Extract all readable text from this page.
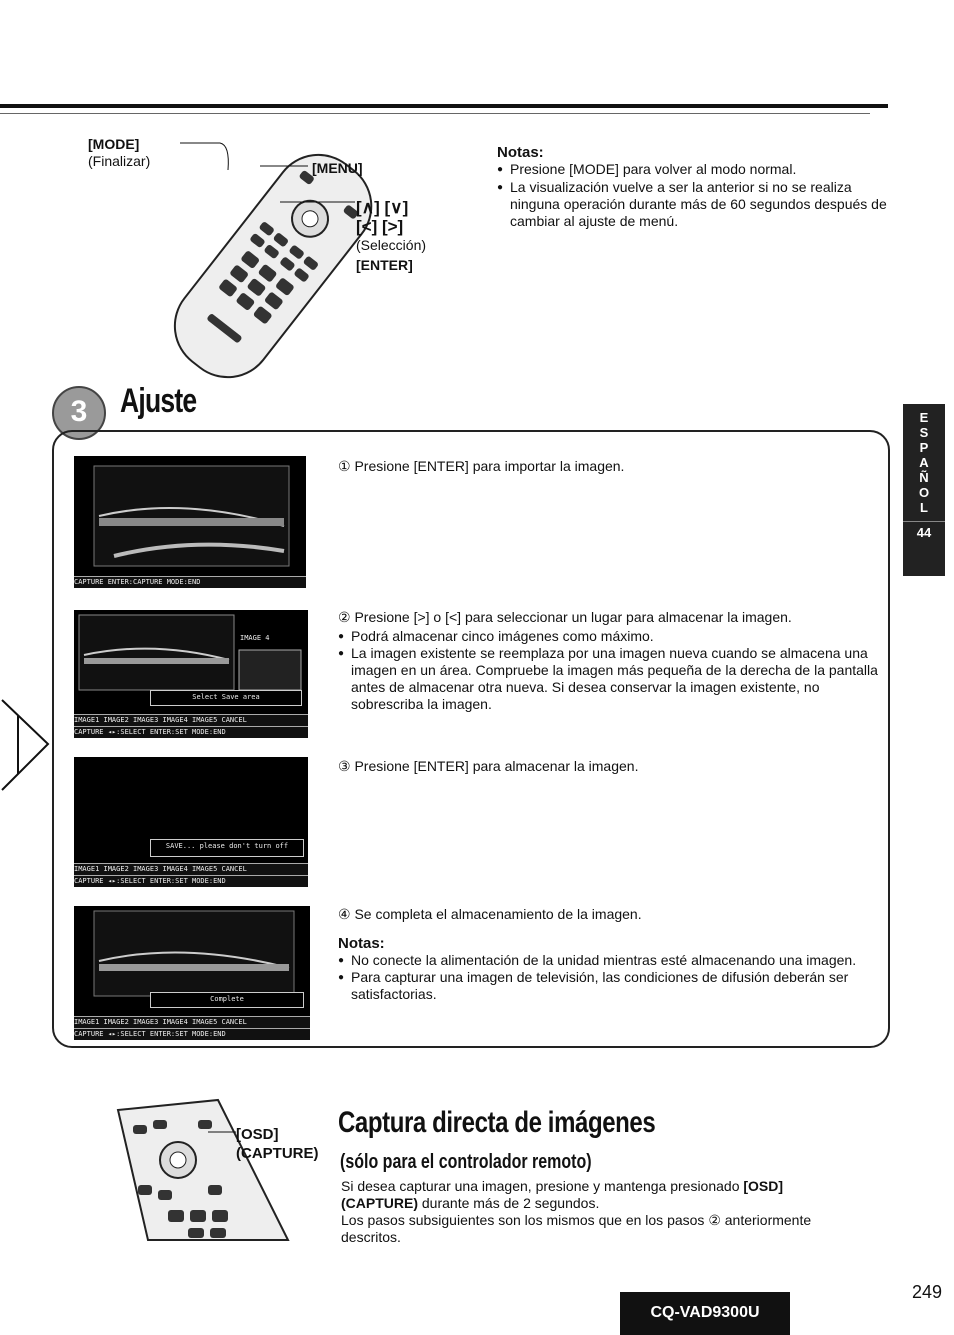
[MODE]
(Finalizar)	[MENU]
[∧] [∨]
[<] [>]
(Selección)
[ENTER]
Notas:
● Presione [MODE] para volver al modo normal.
● La visualización vuelve a ser la anterior si no se realiza ninguna operación durante más de 60 segundos después de cambiar al ajuste de menú.
3 Ajuste
CAPTURE ENTER:CAPTURE MODE:END
IMAGE 4
Select Save area
IMAGE1 IMAGE2 IMAGE3 IMAGE4 IMAGE5 CANCEL
CAPTURE ◂▸:SELECT ENTER:SET MODE:END
SAVE... please don't turn off
IMAGE1 IMAGE2 IMAGE3 IMAGE4 IMAGE5 CANCEL
CAPTURE ◂▸:SELECT ENTER:SET MODE:END
Complete
IMAGE1 IMAGE2 IMAGE3 IMAGE4 IMAGE5 CANCEL
CAPTURE ◂▸:SELECT ENTER:SET MODE:END
① Presione [ENTER] para importar la imagen.
② Presione [>] o [<] para seleccionar un lugar para almacenar la imagen.
● Podrá almacenar cinco imágenes como máximo.
● La imagen existente se reemplaza por una imagen nueva cuando se almacena una imagen en un área. Compruebe la imagen más pequeña de la derecha de la pantalla antes de almacenar otra nueva. Si desea conservar la imagen existente, no sobrescriba la imagen.
③ Presione [ENTER] para almacenar la imagen.
④ Se completa el almacenamiento de la imagen.
Notas:
● No conecte la alimentación de la unidad mientras esté almacenando una imagen.
● Para capturar una imagen de televisión, las condiciones de difusión deberán ser satisfactorias.
E
S
P
A
Ñ
O
L
44
[OSD]
(CAPTURE)
Captura directa de imágenes
(sólo para el controlador remoto)
Si desea capturar una imagen, presione y mantenga presionado [OSD]
(CAPTURE) durante más de 2 segundos.
Los pasos subsiguientes son los mismos que en los pasos ② anteriormente descritos.
CQ-VAD9300U
249
